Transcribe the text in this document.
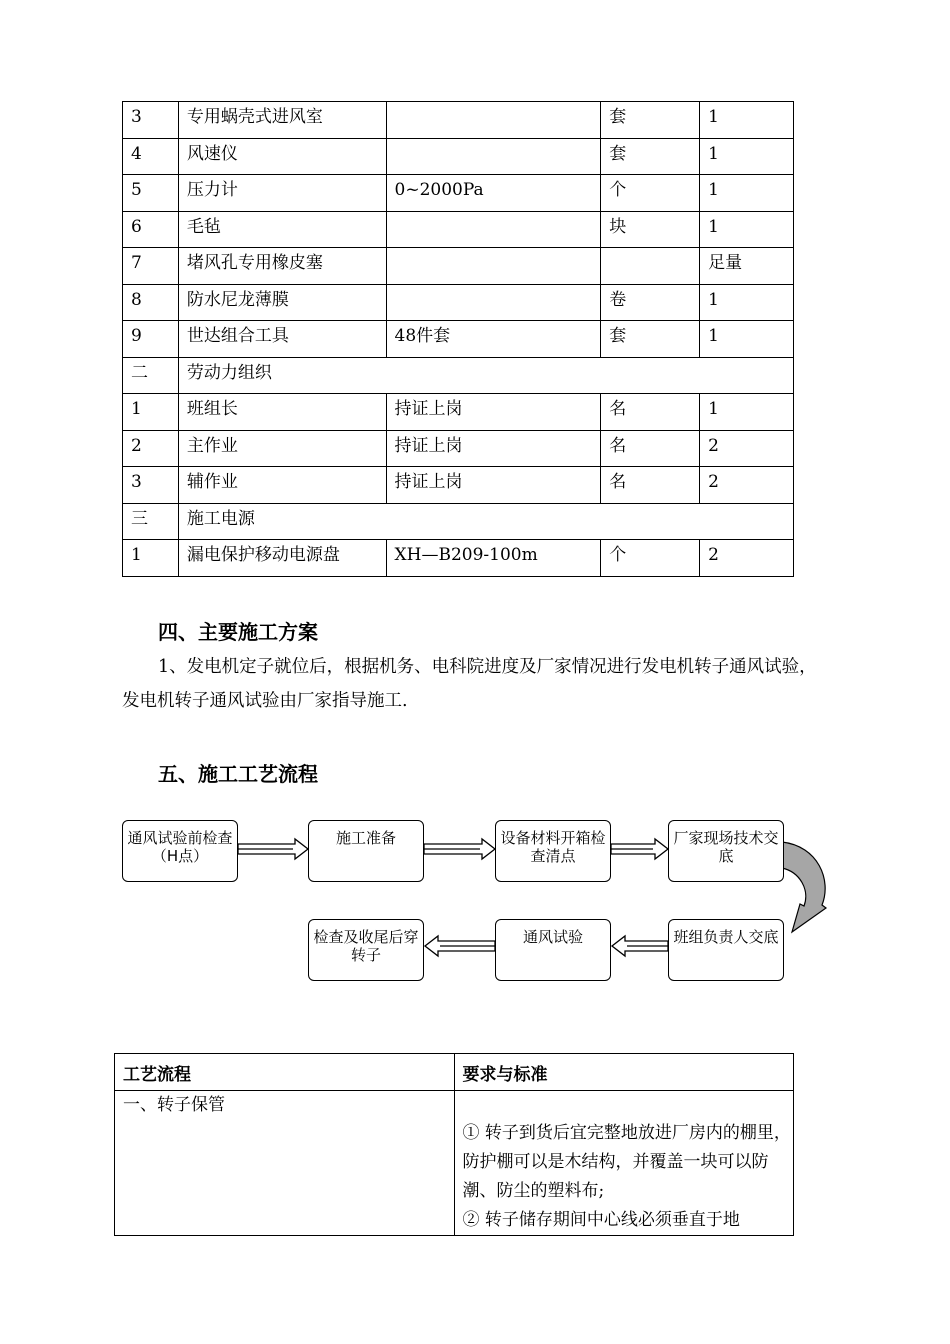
3	专用蜗壳式进风室		套	1
4	风速仪		套	1
5	压力计	0~2000Pa	个	1
6	毛毡		块	1
7	堵风孔专用橡皮塞			足量
8	防水尼龙薄膜		卷	1
9	世达组合工具	48件套	套	1
二	劳动力组织			
1	班组长	持证上岗	名	1
2	主作业	持证上岗	名	2
3	辅作业	持证上岗	名	2
三	施工电源			
1	漏电保护移动电源盘	XH—B209-100m	个	2
四、主要施工方案
1、发电机定子就位后，根据机务、电科院进度及厂家情况进行发电机转子通风试验，发电机转子通风试验由厂家指导施工.
五、施工工艺流程
通风试验前检查（H点）
施工准备	设备材料开箱检查清点
厂家现场技术交底
班组负责人交底
通风试验
检查及收尾后穿转子
工艺流程	要求与标准
一、转子保管	① 转子到货后宜完整地放进厂房内的棚里，防护棚可以是木结构，并覆盖一块可以防潮、防尘的塑料布;
② 转子储存期间中心线必须垂直于地
